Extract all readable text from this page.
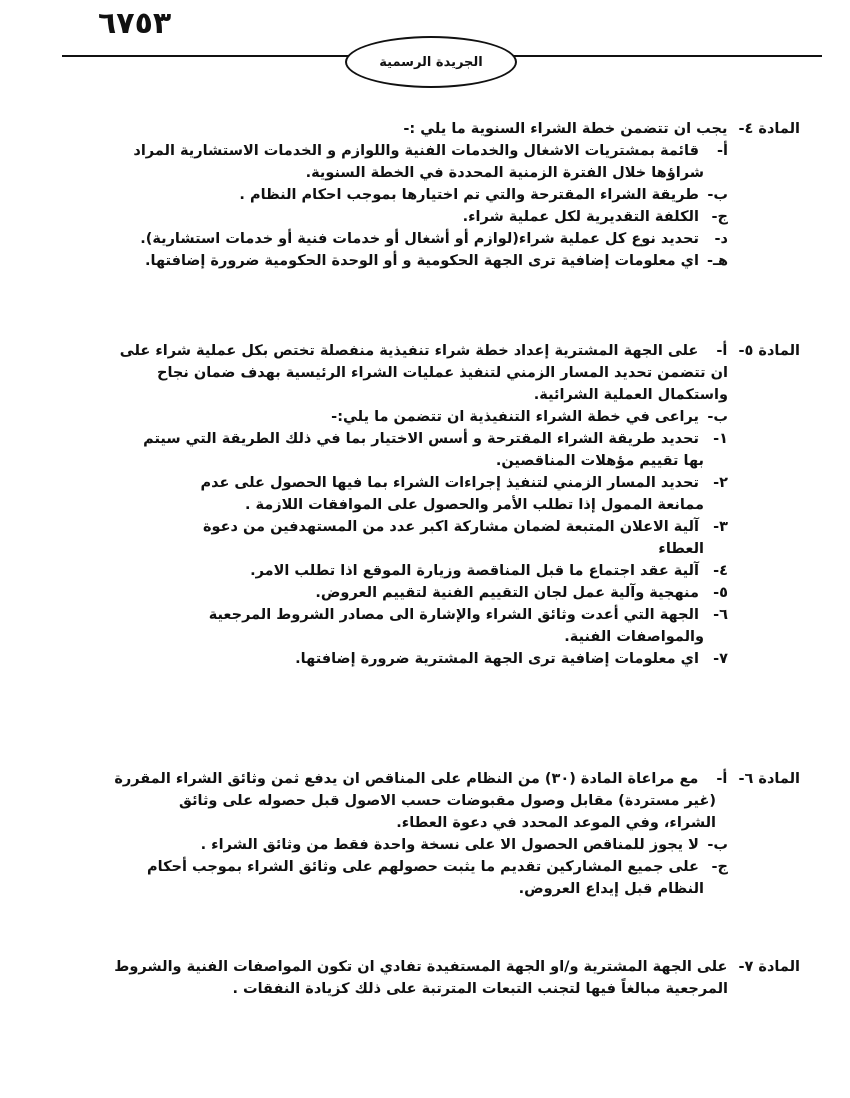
٦٧٥٣
الجريدة الرسمية
المادة ٤- يجب ان تتضمن خطة الشراء السنوية ما يلي :-
أ- قائمة بمشتريات الاشغال والخدمات الفنية واللوازم و الخدمات الاستشارية المراد
شراؤها خلال الفترة الزمنية المحددة في الخطة السنوية.
ب- طريقة الشراء المقترحة والتي تم اختيارها بموجب احكام النظام .
ج- الكلفة التقديرية لكل عملية شراء.
د- تحديد نوع كل عملية شراء(لوازم أو أشغال أو خدمات فنية أو خدمات استشارية).
هـ- اي معلومات إضافية ترى الجهة الحكومية و أو الوحدة الحكومية ضرورة إضافتها.
المادة ٥- أ- على الجهة المشترية إعداد خطة شراء تنفيذية منفصلة تختص بكل عملية شراء على
ان تتضمن تحديد المسار الزمني لتنفيذ عمليات الشراء الرئيسية بهدف ضمان نجاح
واستكمال العملية الشرائية.
ب- يراعى في خطة الشراء التنفيذية ان تتضمن ما يلي:-
١- تحديد طريقة الشراء المقترحة و أسس الاختيار بما في ذلك الطريقة التي سيتم
بها تقييم مؤهلات المناقصين.
٢- تحديد المسار الزمني لتنفيذ إجراءات الشراء بما فيها الحصول على عدم
ممانعة الممول إذا تطلب الأمر والحصول على الموافقات اللازمة .
٣- آلية الاعلان المتبعة لضمان مشاركة اكبر عدد من المستهدفين من دعوة
العطاء
٤- آلية عقد اجتماع ما قبل المناقصة وزيارة الموقع اذا تطلب الامر.
٥- منهجية وآلية عمل لجان التقييم الفنية لتقييم العروض.
٦- الجهة التي أعدت وثائق الشراء والإشارة الى مصادر الشروط المرجعية
والمواصفات الفنية.
٧- اي معلومات إضافية ترى الجهة المشترية ضرورة إضافتها.
المادة ٦- أ- مع مراعاة المادة (٣٠) من النظام على المناقص ان يدفع ثمن وثائق الشراء المقررة
(غير مستردة) مقابل وصول مقبوضات حسب الاصول قبل حصوله على وثائق
الشراء، وفي الموعد المحدد في دعوة العطاء.
ب- لا يجوز للمناقص الحصول الا على نسخة واحدة فقط من وثائق الشراء .
ج- على جميع المشاركين تقديم ما يثبت حصولهم على وثائق الشراء بموجب أحكام
النظام قبل إيداع العروض.
المادة ٧- على الجهة المشترية و/او الجهة المستفيدة تفادي ان تكون المواصفات الفنية والشروط
المرجعية مبالغاً فيها لتجنب التبعات المترتبة على ذلك كزيادة النفقات .
